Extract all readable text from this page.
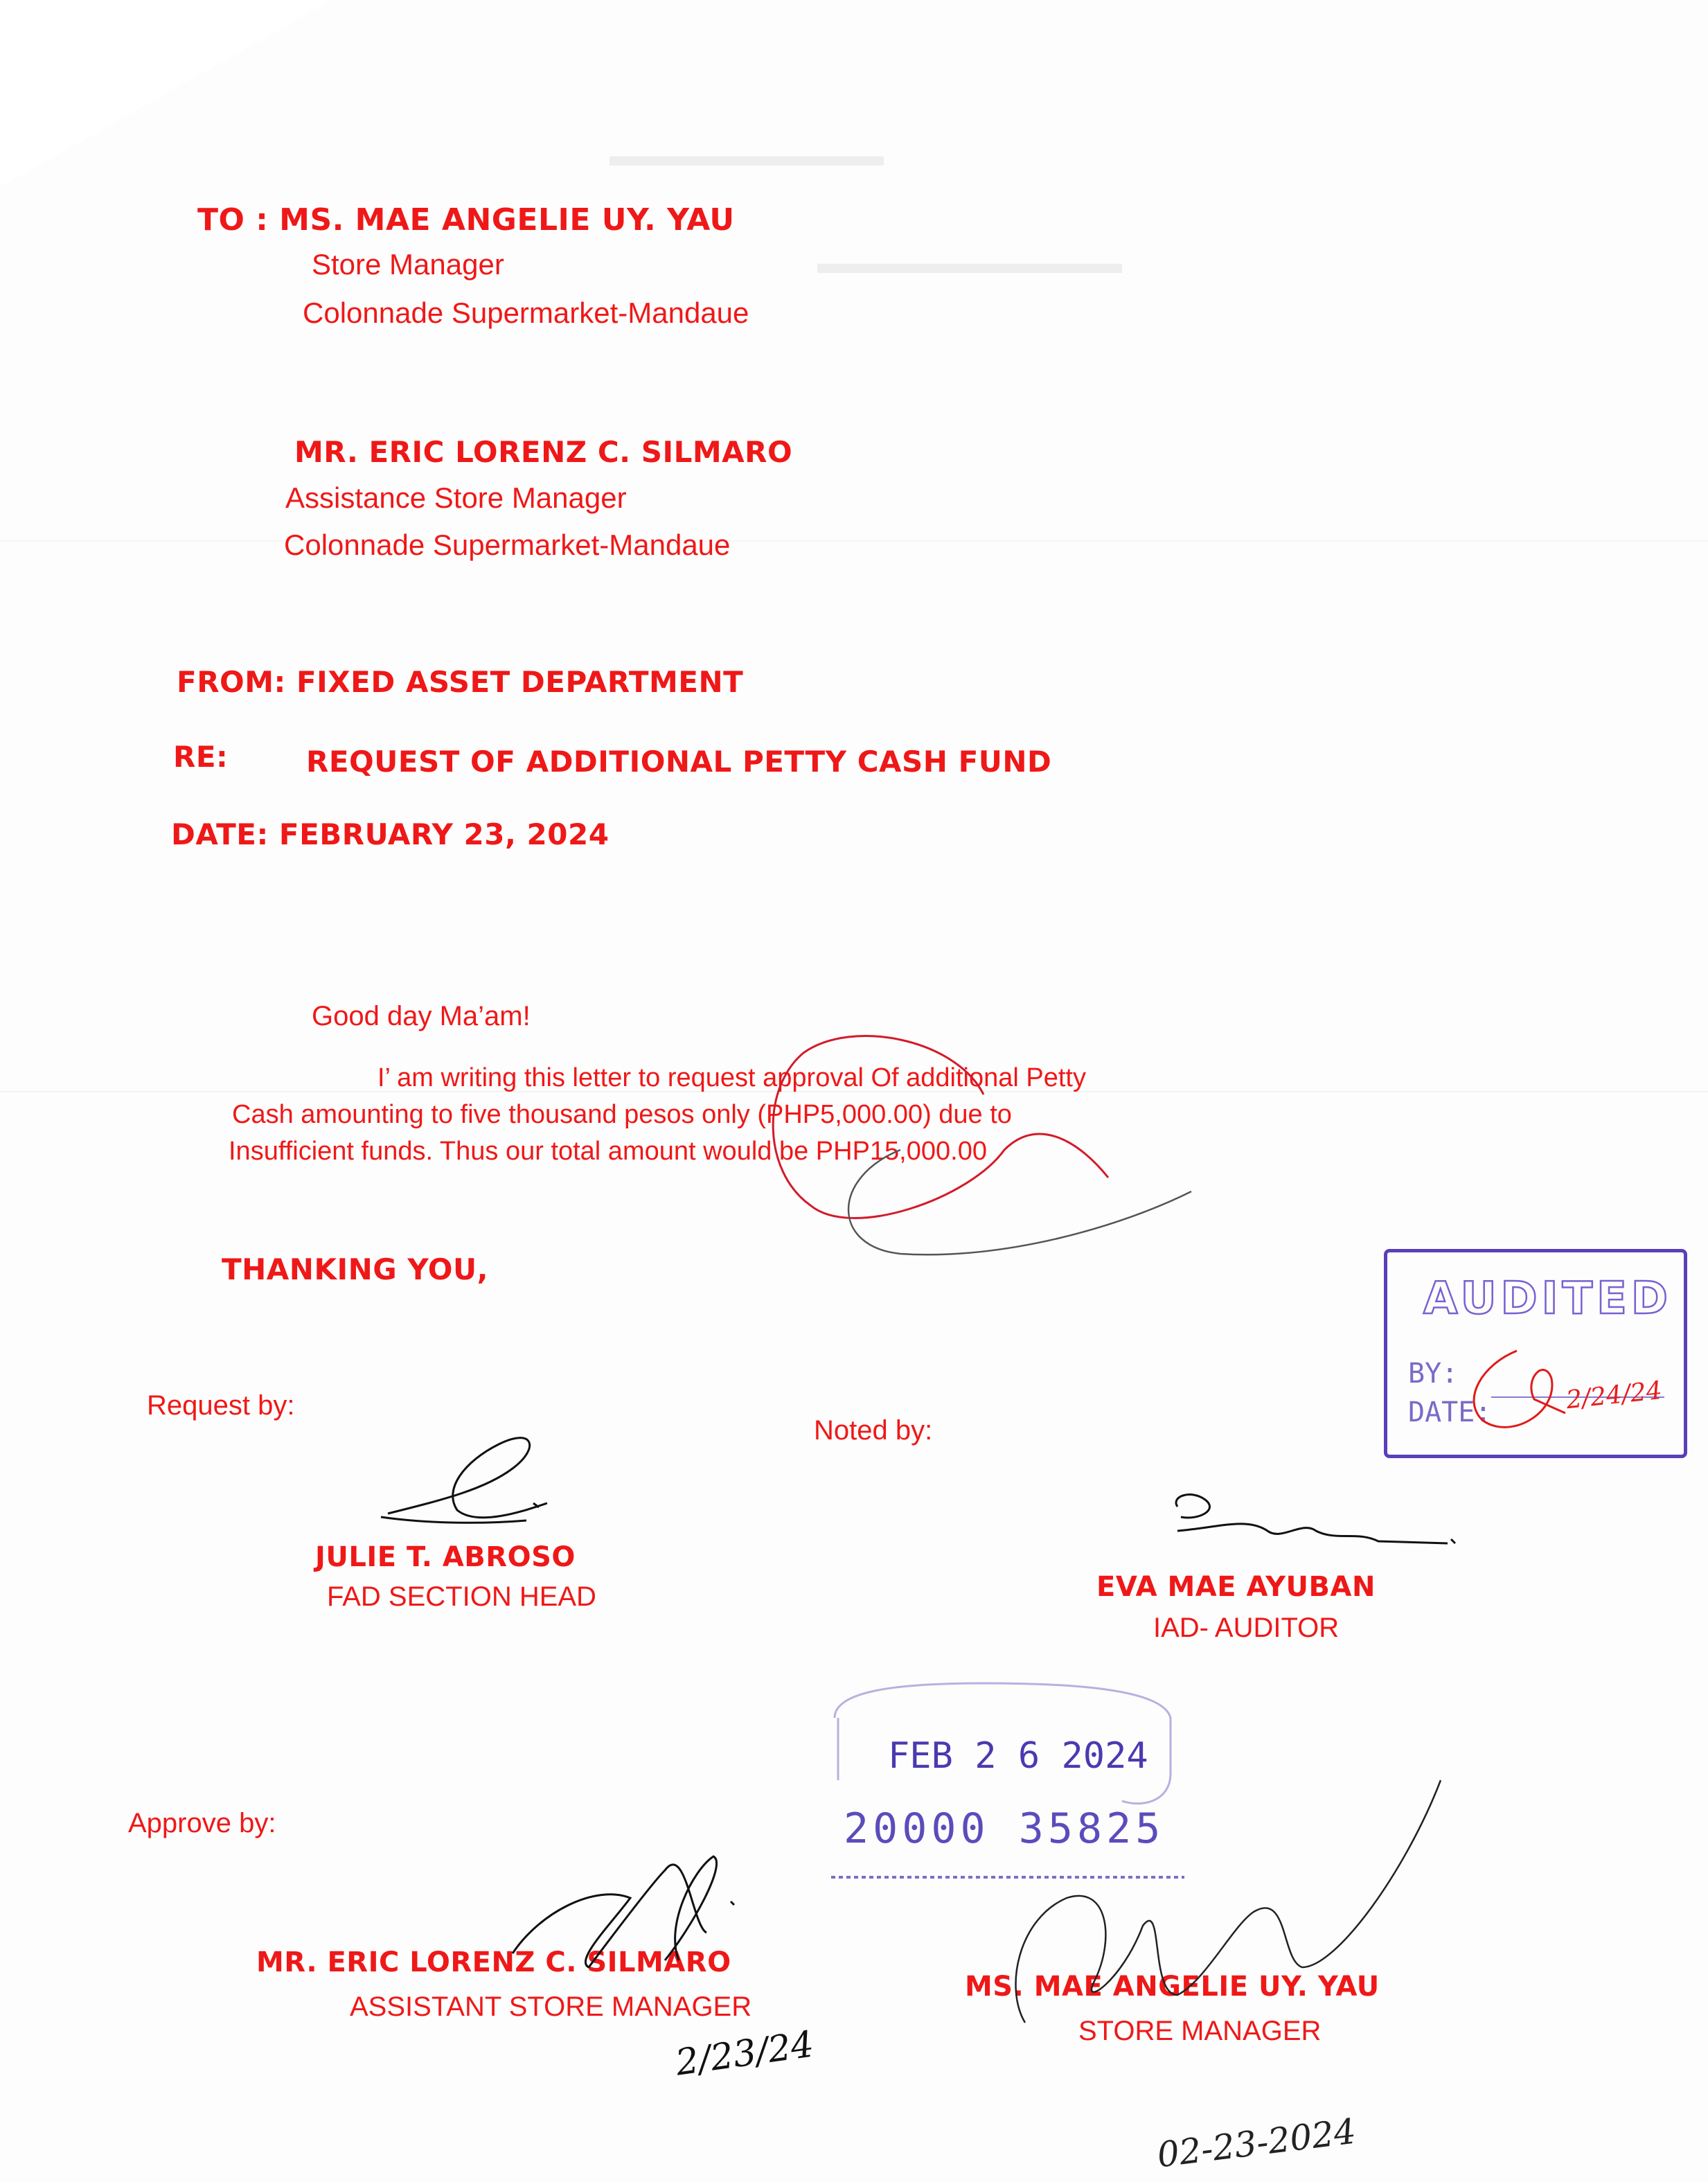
▬▬▬▬▬▬▬▬▬
▬▬▬▬▬▬▬▬▬▬
TO : MS. MAE ANGELIE UY. YAU
Store Manager
Colonnade Supermarket-Mandaue
MR. ERIC LORENZ C. SILMARO
Assistance Store Manager
Colonnade Supermarket-Mandaue
FROM: FIXED ASSET DEPARTMENT
RE:	REQUEST OF ADDITIONAL PETTY CASH FUND
DATE: FEBRUARY 23, 2024
Good day Ma’am!
I’ am writing this letter to request approval Of additional Petty
Cash amounting to five thousand pesos only (PHP5,000.00) due to
Insufficient funds. Thus our total amount would be PHP15,000.00
THANKING YOU,
Request by:
Noted by:
JULIE T. ABROSO
FAD SECTION HEAD	EVA MAE AYUBAN
IAD- AUDITOR
Approve by:
MR. ERIC LORENZ C. SILMARO
ASSISTANT STORE MANAGER
MS. MAE ANGELIE UY. YAU
STORE MANAGER
AUDITED
BY:
DATE:	2/24/24
FEB 2 6 2024
20000 35825
2/23/24
02-23-2024
